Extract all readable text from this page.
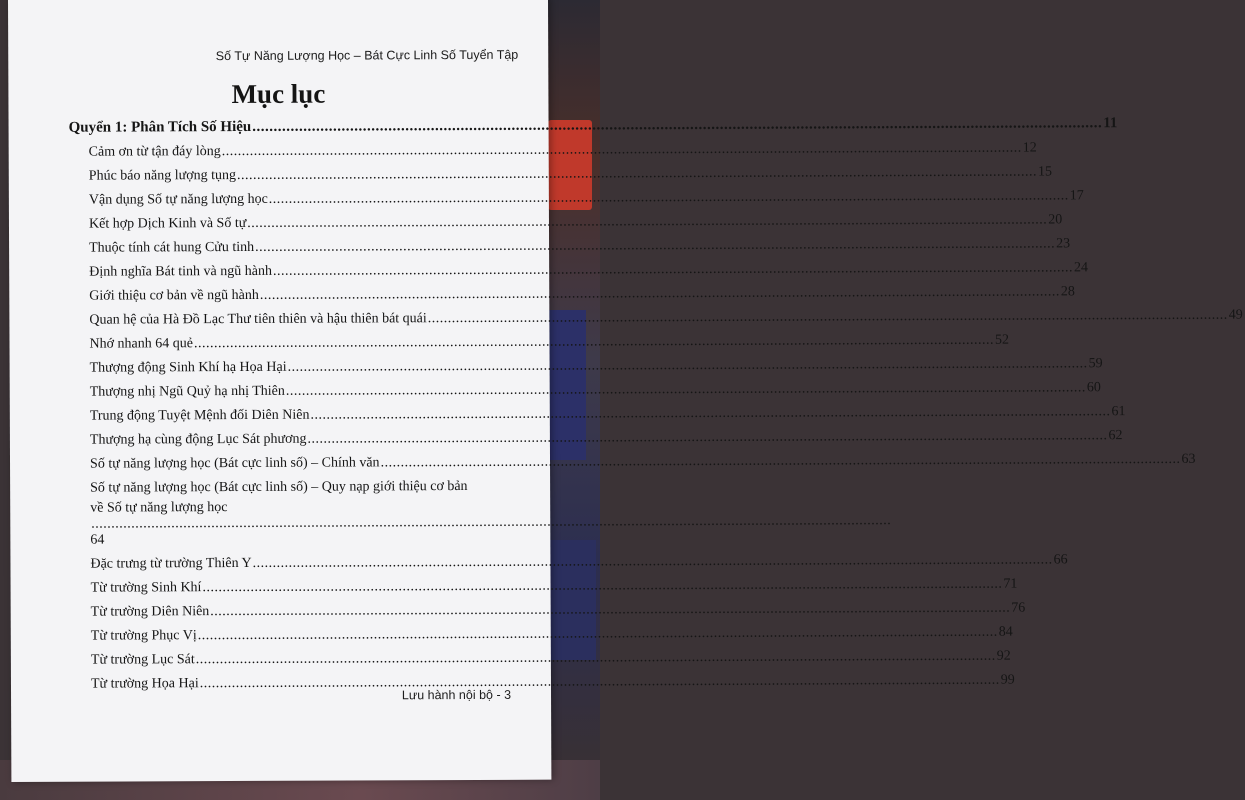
Số Tự Năng Lượng Học – Bát Cực Linh Số Tuyển Tập
Mục lục
Quyển 1: Phân Tích Số Hiệu ........................................................................................................................................................................................................ 11
Cảm ơn từ tận đáy lòng ........................................................................................................................................................................................................ 12
Phúc báo năng lượng tụng ........................................................................................................................................................................................................ 15
Vận dụng Số tự năng lượng học ........................................................................................................................................................................................................ 17
Kết hợp Dịch Kinh và Số tự ........................................................................................................................................................................................................ 20
Thuộc tính cát hung Cửu tinh ........................................................................................................................................................................................................ 23
Định nghĩa Bát tinh và ngũ hành ........................................................................................................................................................................................................ 24
Giới thiệu cơ bản về ngũ hành ........................................................................................................................................................................................................ 28
Quan hệ của Hà Đồ Lạc Thư tiên thiên và hậu thiên bát quái ........................................................................................................................................................................................................ 49
Nhớ nhanh 64 quẻ ........................................................................................................................................................................................................ 52
Thượng động Sinh Khí hạ Họa Hại ........................................................................................................................................................................................................ 59
Thượng nhị Ngũ Quỷ hạ nhị Thiên ........................................................................................................................................................................................................ 60
Trung động Tuyệt Mệnh đối Diên Niên ........................................................................................................................................................................................................ 61
Thượng hạ cùng động Lục Sát phương ........................................................................................................................................................................................................ 62
Số tự năng lượng học (Bát cực linh số) – Chính văn ........................................................................................................................................................................................................ 63
Số tự năng lượng học (Bát cực linh số) – Quy nạp giới thiệu cơ bản
về Số tự năng lượng học
........................................................................................................................................................................................................
64
Đặc trưng từ trường Thiên Y ........................................................................................................................................................................................................ 66
Từ trường Sinh Khí ........................................................................................................................................................................................................ 71
Từ trường Diên Niên ........................................................................................................................................................................................................ 76
Từ trường Phục Vị ........................................................................................................................................................................................................ 84
Từ trường Lục Sát ........................................................................................................................................................................................................ 92
Từ trường Họa Hại ........................................................................................................................................................................................................ 99
Lưu hành nội bộ - 3
